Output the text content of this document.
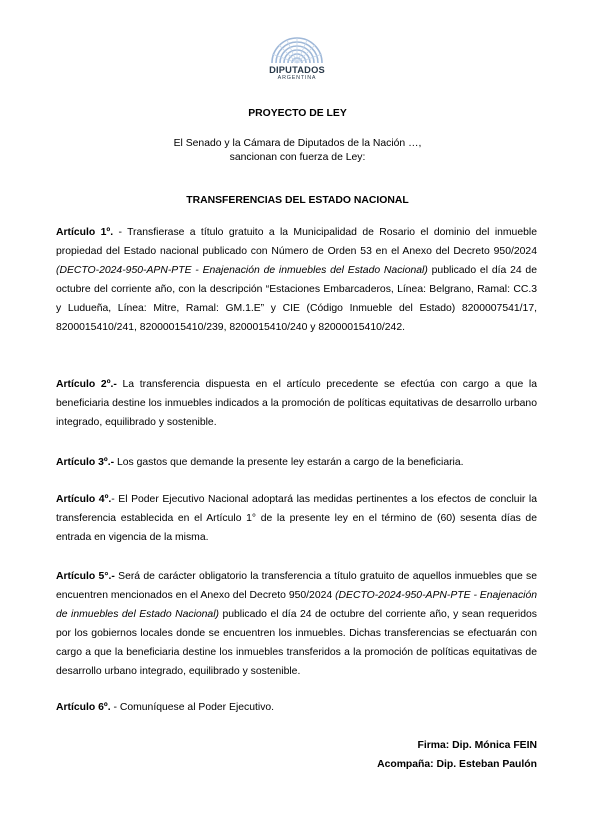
DIPUTADOS
ARGENTINA
PROYECTO DE LEY
El Senado y la Cámara de Diputados de la Nación …,
sancionan con fuerza de Ley:
TRANSFERENCIAS DEL ESTADO NACIONAL

Artículo 1º. - Transfierase a título gratuito a la Municipalidad de Rosario el dominio del inmueble propiedad del Estado nacional publicado con Número de Orden 53 en el Anexo del Decreto 950/2024 (DECTO-2024-950-APN-PTE - Enajenación de inmuebles del Estado Nacional) publicado el día 24 de octubre del corriente año, con la descripción “Estaciones Embarcaderos, Línea: Belgrano, Ramal: CC.3 y Ludueña, Línea: Mitre, Ramal: GM.1.E” y CIE (Código Inmueble del Estado) 8200007541/17, 8200015410/241, 82000015410/239, 8200015410/240 y 82000015410/242.

Artículo 2º.- La transferencia dispuesta en el artículo precedente se efectúa con cargo a que la beneficiaria destine los inmuebles indicados a la promoción de políticas equitativas de desarrollo urbano integrado, equilibrado y sostenible.

Artículo 3º.- Los gastos que demande la presente ley estarán a cargo de la beneficiaria.

Artículo 4º.- El Poder Ejecutivo Nacional adoptará las medidas pertinentes a los efectos de concluir la transferencia establecida en el Artículo 1° de la presente ley en el término de (60) sesenta días de entrada en vigencia de la misma.

Artículo 5°.- Será de carácter obligatorio la transferencia a título gratuito de aquellos inmuebles que se encuentren mencionados en el Anexo del Decreto 950/2024 (DECTO-2024-950-APN-PTE - Enajenación de inmuebles del Estado Nacional) publicado el día 24 de octubre del corriente año, y sean requeridos por los gobiernos locales donde se encuentren los inmuebles. Dichas transferencias se efectuarán con cargo a que la beneficiaria destine los inmuebles transferidos a la promoción de políticas equitativas de desarrollo urbano integrado, equilibrado y sostenible.

Artículo 6º. - Comuníquese al Poder Ejecutivo.

Firma: Dip. Mónica FEIN
Acompaña: Dip. Esteban Paulón
